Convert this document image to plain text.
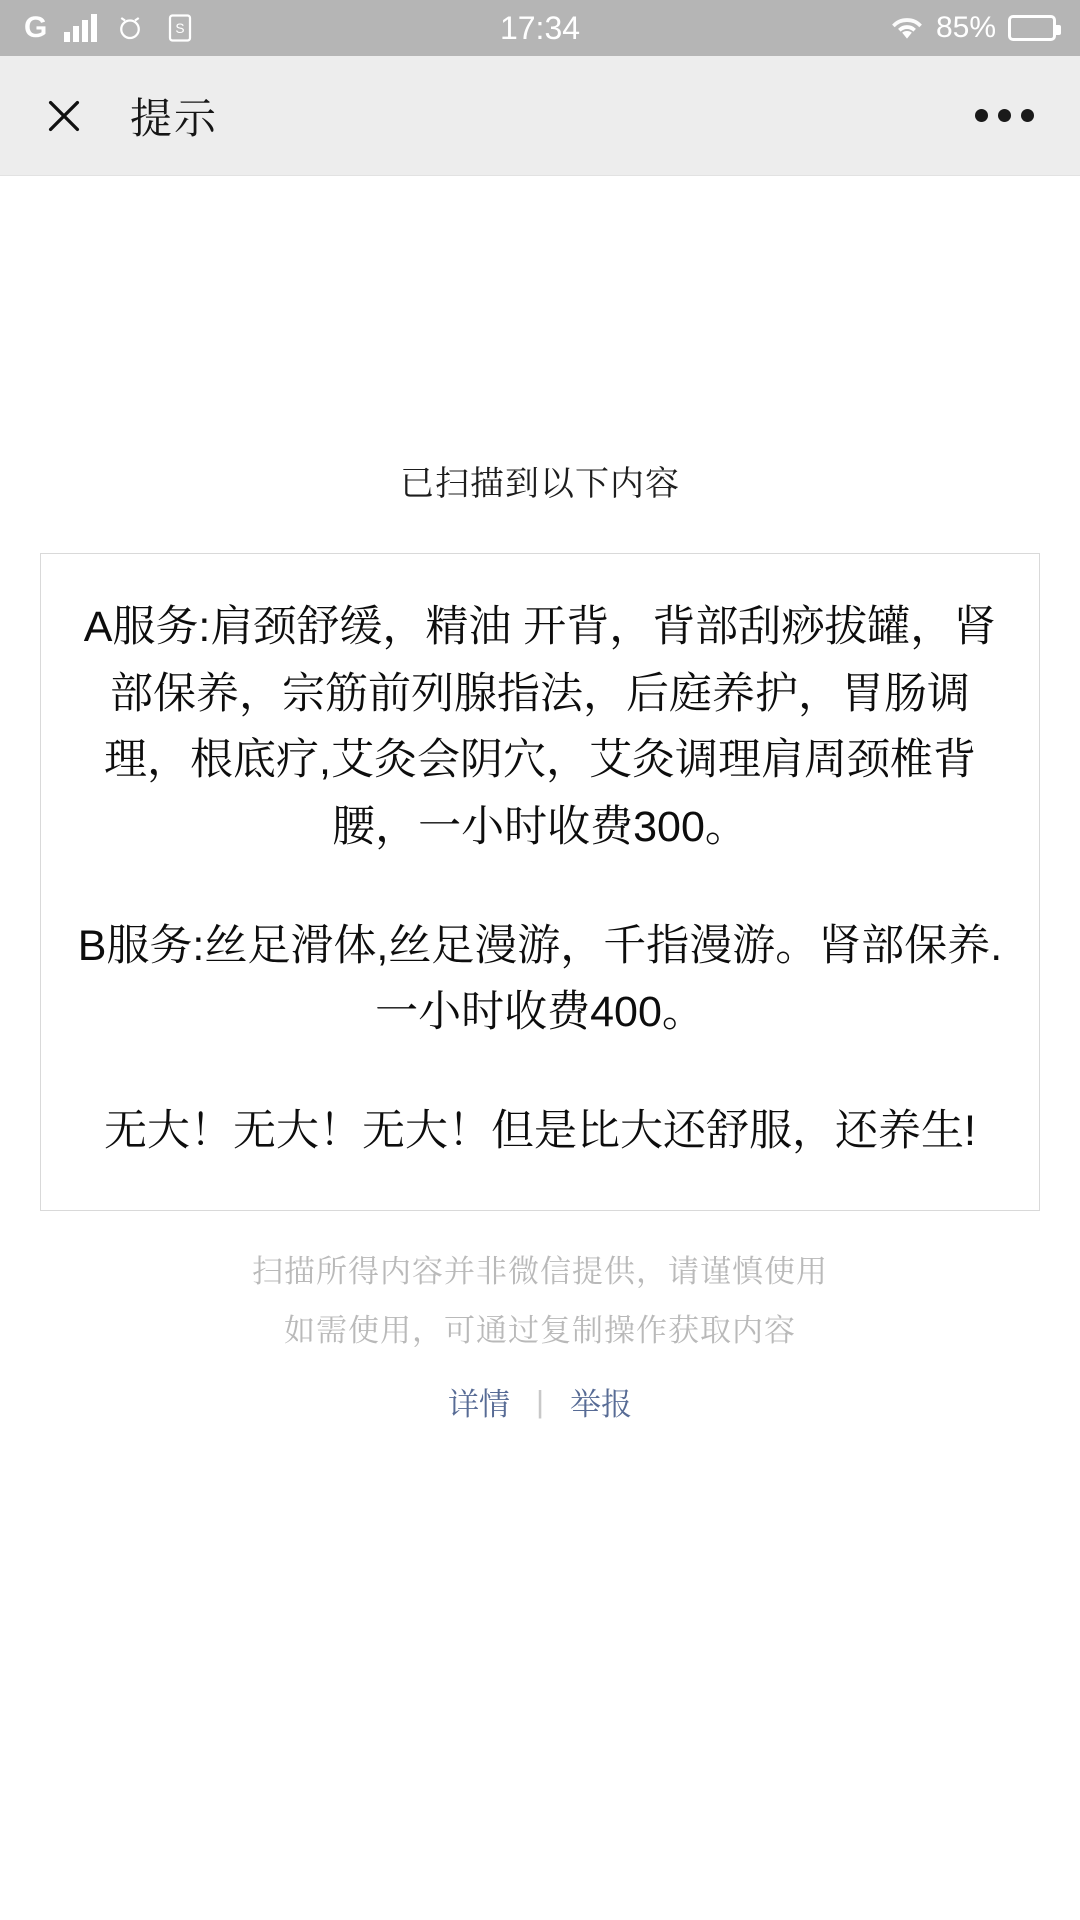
G	S	17:34	85%
提示
已扫描到以下内容

A服务:肩颈舒缓，精油 开背，背部刮痧拔罐，肾部保养，宗筋前列腺指法，后庭养护，胃肠调理，根底疗,艾灸会阴穴，艾灸调理肩周颈椎背腰，一小时收费300。

B服务:丝足滑体,丝足漫游，千指漫游。肾部保养.一小时收费400。

无大！无大！无大！但是比大还舒服，还养生!

扫描所得内容并非微信提供，请谨慎使用
如需使用，可通过复制操作获取内容
详情 | 举报
